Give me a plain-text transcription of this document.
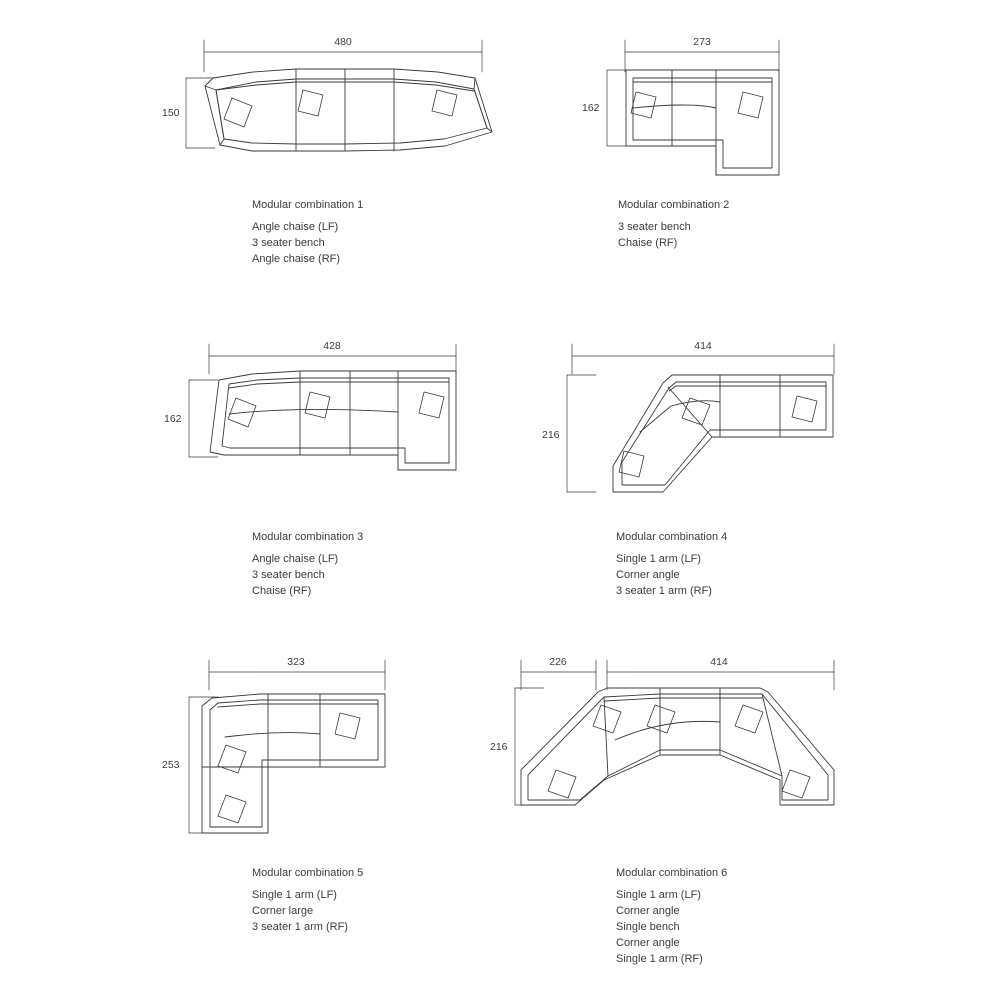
480
150
273
162
428
162
414
216
323
253
226	414
216
Modular combination 1
Angle chaise (LF)
3 seater bench
Angle chaise (RF)
Modular combination 2
3 seater bench
Chaise (RF)
Modular combination 3
Angle chaise (LF)
3 seater bench
Chaise (RF)
Modular combination 4
Single 1 arm (LF)
Corner angle
3 seater 1 arm (RF)
Modular combination 5
Single 1 arm (LF)
Corner large
3 seater 1 arm (RF)
Modular combination 6
Single 1 arm (LF)
Corner angle
Single bench
Corner angle
Single 1 arm (RF)
